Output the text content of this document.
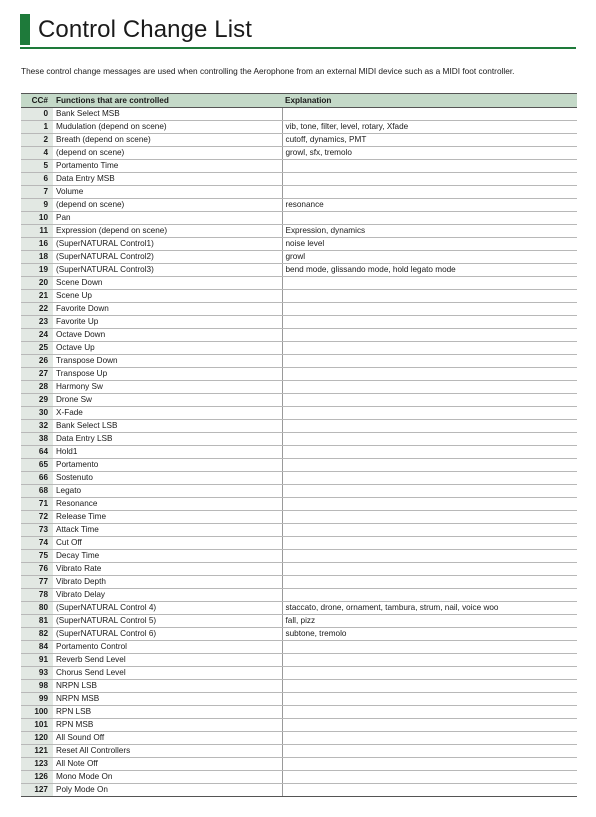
Control Change List
These control change messages are used when controlling the Aerophone from an external MIDI device such as a MIDI foot controller.
CC#	Functions that are controlled	Explanation
0	Bank Select MSB	
1	Mudulation (depend on scene)	vib, tone, filter, level, rotary, Xfade
2	Breath (depend on scene)	cutoff, dynamics, PMT
4	(depend on scene)	growl, sfx, tremolo
5	Portamento Time	
6	Data Entry MSB	
7	Volume	
9	(depend on scene)	resonance
10	Pan	
11	Expression (depend on scene)	Expression, dynamics
16	(SuperNATURAL Control1)	noise level
18	(SuperNATURAL Control2)	growl
19	(SuperNATURAL Control3)	bend mode, glissando mode, hold legato mode
20	Scene Down	
21	Scene Up	
22	Favorite Down	
23	Favorite Up	
24	Octave Down	
25	Octave Up	
26	Transpose Down	
27	Transpose Up	
28	Harmony Sw	
29	Drone Sw	
30	X-Fade	
32	Bank Select LSB	
38	Data Entry LSB	
64	Hold1	
65	Portamento	
66	Sostenuto	
68	Legato	
71	Resonance	
72	Release Time	
73	Attack Time	
74	Cut Off	
75	Decay Time	
76	Vibrato Rate	
77	Vibrato Depth	
78	Vibrato Delay	
80	(SuperNATURAL Control 4)	staccato, drone, ornament, tambura, strum, nail, voice woo
81	(SuperNATURAL Control 5)	fall, pizz
82	(SuperNATURAL Control 6)	subtone, tremolo
84	Portamento Control	
91	Reverb Send Level	
93	Chorus Send Level	
98	NRPN LSB	
99	NRPN MSB	
100	RPN LSB	
101	RPN MSB	
120	All Sound Off	
121	Reset All Controllers	
123	All Note Off	
126	Mono Mode On	
127	Poly Mode On	
